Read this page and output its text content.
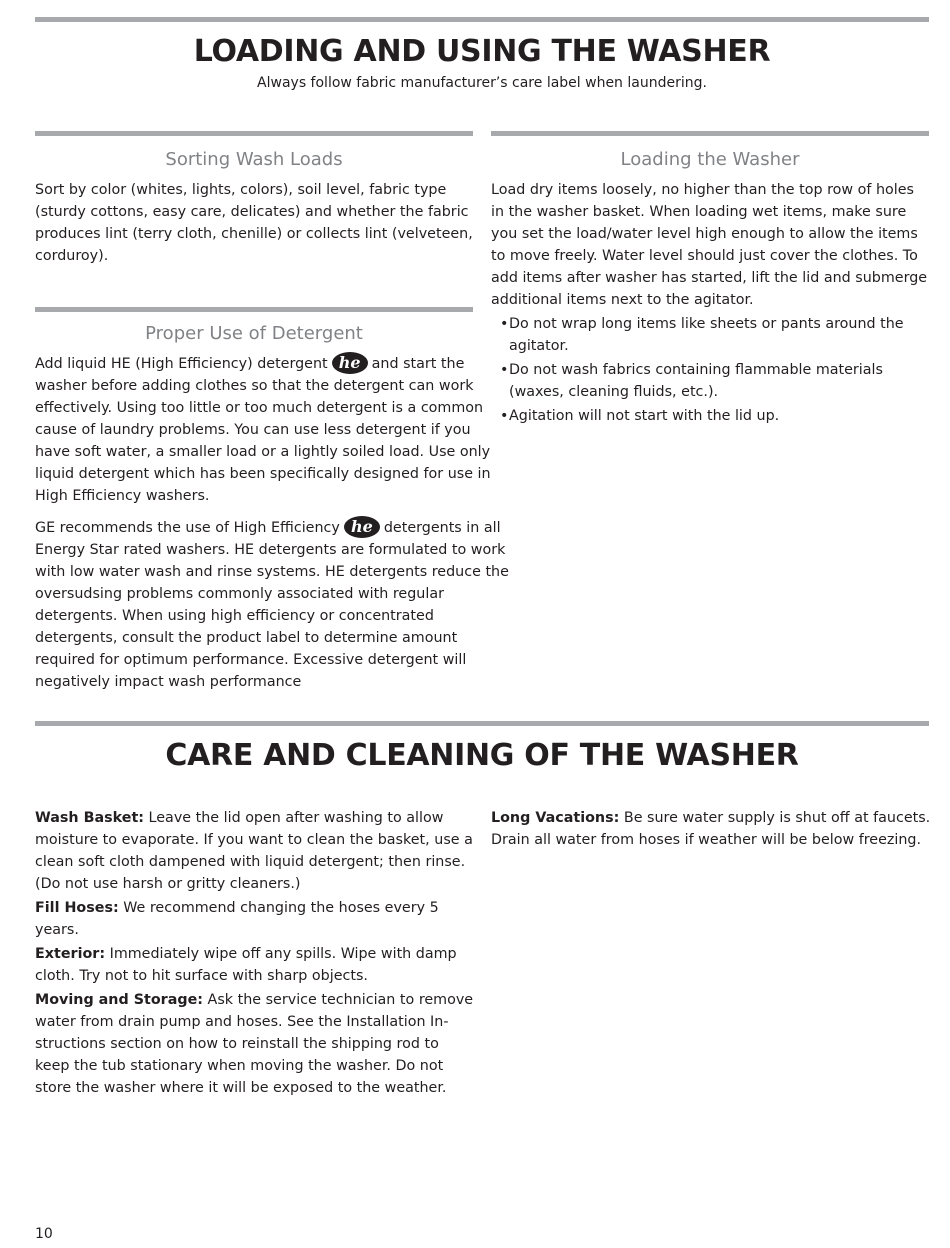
LOADING AND USING THE WASHER
Always follow fabric manufacturer’s care label when laundering.
Sorting Wash Loads

Sort by color (whites, lights, colors), soil level, fabric type (sturdy cottons, easy care, delicates) and whether the fabric produces lint (terry cloth, chenille) or collects lint (velveteen, corduroy).

Proper Use of Detergent

Add liquid HE (High Efficiency) detergent he and start the washer before adding clothes so that the detergent can work effectively. Using too little or too much detergent is a common cause of laundry problems. You can use less detergent if you have soft water, a smaller load or a lightly soiled load. Use only liquid detergent which has been specifically designed for use in High Efficiency washers.

GE recommends the use of High Efficiency he detergents in all Energy Star rated washers. HE detergents are formulated to work with low water wash and rinse systems. HE detergents reduce the oversudsing problems commonly associated with regular detergents. When using high efficiency or concentrated detergents, consult the product label to determine amount required for optimum performance. Excessive detergent will negatively impact wash performance

Loading the Washer

Load dry items loosely, no higher than the top row of holes in the washer basket. When loading wet items, make sure you set the load/water level high enough to allow the items to move freely. Water level should just cover the clothes. To add items after washer has started, lift the lid and submerge additional items next to the agitator.

• Do not wrap long items like sheets or pants around the agitator.
• Do not wash fabrics containing flammable materials (waxes, cleaning fluids, etc.).
• Agitation will not start with the lid up.
CARE AND CLEANING OF THE WASHER

Wash Basket: Leave the lid open after washing to allow moisture to evaporate. If you want to clean the basket, use a clean soft cloth dampened with liquid detergent; then rinse. (Do not use harsh or gritty cleaners.)

Fill Hoses: We recommend changing the hoses every 5 years.

Exterior: Immediately wipe off any spills. Wipe with damp cloth. Try not to hit surface with sharp objects.

Moving and Storage: Ask the service technician to remove water from drain pump and hoses. See the Installation In-structions section on how to reinstall the shipping rod to keep the tub stationary when moving the washer. Do not store the washer where it will be exposed to the weather.

Long Vacations: Be sure water supply is shut off at faucets. Drain all water from hoses if weather will be below freezing.

10
